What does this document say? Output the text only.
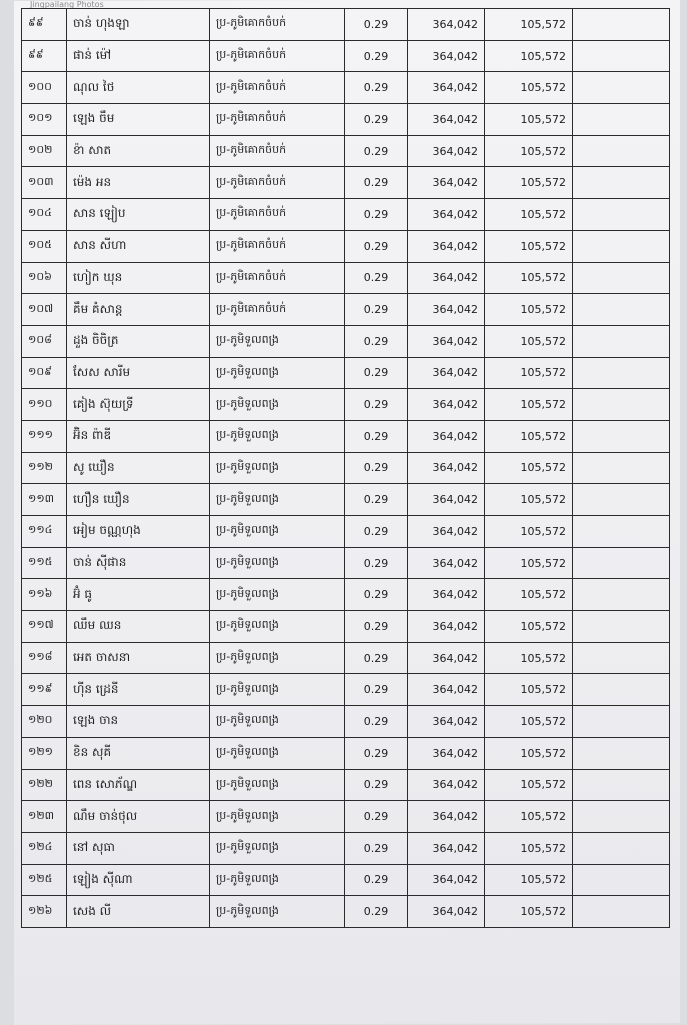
Jingpailang Photos
៩៩	ចាន់ ហុងឡា	ប្រ-ភូមិគោកចំបក់	0.29	364,042	105,572	
៩៩	ផាន់ ម៉ៅ	ប្រ-ភូមិគោកចំបក់	0.29	364,042	105,572	
១០០	ណុល ថៃ	ប្រ-ភូមិគោកចំបក់	0.29	364,042	105,572	
១០១	ឡេង ចឹម	ប្រ-ភូមិគោកចំបក់	0.29	364,042	105,572	
១០២	ខ៉ា សាត	ប្រ-ភូមិគោកចំបក់	0.29	364,042	105,572	
១០៣	ម៉េង អន	ប្រ-ភូមិគោកចំបក់	0.29	364,042	105,572	
១០៤	សាន ឡៀប	ប្រ-ភូមិគោកចំបក់	0.29	364,042	105,572	
១០៥	សាន សីហា	ប្រ-ភូមិគោកចំបក់	0.29	364,042	105,572	
១០៦	ហៀក ឃុន	ប្រ-ភូមិគោកចំបក់	0.29	364,042	105,572	
១០៧	គឹម គំសាន្ត	ប្រ-ភូមិគោកចំបក់	0.29	364,042	105,572	
១០៨	ដួង ចិចិត្រ	ប្រ-ភូមិទួលពង្រ	0.29	364,042	105,572	
១០៩	សែស សារីម	ប្រ-ភូមិទួលពង្រ	0.29	364,042	105,572	
១១០	គៀង ស៊ុយទ្រី	ប្រ-ភូមិទួលពង្រ	0.29	364,042	105,572	
១១១	អ៊ិន ព៉ាឌី	ប្រ-ភូមិទួលពង្រ	0.29	364,042	105,572	
១១២	សូ ឃឿន	ប្រ-ភូមិទួលពង្រ	0.29	364,042	105,572	
១១៣	ហឿន ឃឿន	ប្រ-ភូមិទួលពង្រ	0.29	364,042	105,572	
១១៤	អៀម ចណ្ណហុង	ប្រ-ភូមិទួលពង្រ	0.29	364,042	105,572	
១១៥	ចាន់ ស៊ីផាន	ប្រ-ភូមិទួលពង្រ	0.29	364,042	105,572	
១១៦	អ៊ំ ធូ	ប្រ-ភូមិទួលពង្រ	0.29	364,042	105,572	
១១៧	ឈឹម ឈន	ប្រ-ភូមិទួលពង្រ	0.29	364,042	105,572	
១១៨	អេត ចាសនា	ប្រ-ភូមិទួលពង្រ	0.29	364,042	105,572	
១១៩	ហ៊ីន ដ្រេនី	ប្រ-ភូមិទួលពង្រ	0.29	364,042	105,572	
១២០	ឡេង ចាន	ប្រ-ភូមិទួលពង្រ	0.29	364,042	105,572	
១២១	ខិន សុគី	ប្រ-ភូមិទួលពង្រ	0.29	364,042	105,572	
១២២	ពេន សោភ័ណ្ឌ	ប្រ-ភូមិទួលពង្រ	0.29	364,042	105,572	
១២៣	ណឹម ចាន់ថុល	ប្រ-ភូមិទួលពង្រ	0.29	364,042	105,572	
១២៤	នៅ សុធា	ប្រ-ភូមិទួលពង្រ	0.29	364,042	105,572	
១២៥	ឡៀង ស៊ីណា	ប្រ-ភូមិទួលពង្រ	0.29	364,042	105,572	
១២៦	សេង លី	ប្រ-ភូមិទួលពង្រ	0.29	364,042	105,572	
